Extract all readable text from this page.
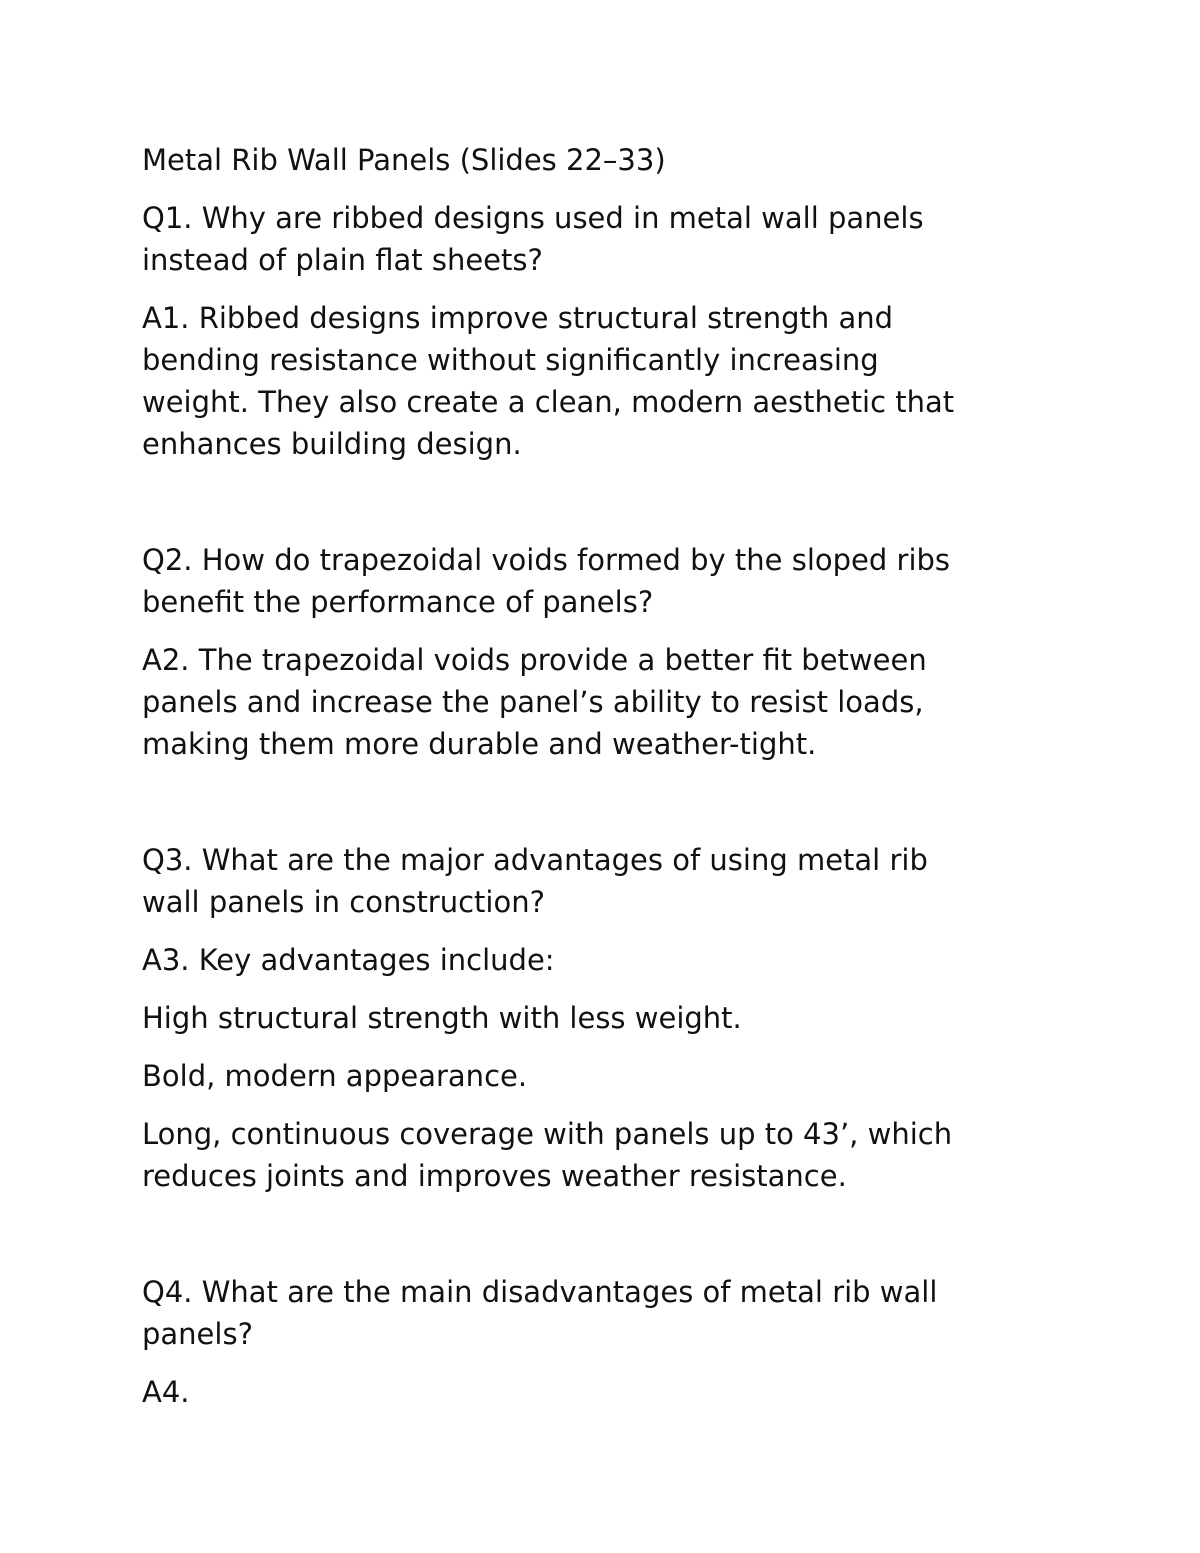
Metal Rib Wall Panels (Slides 22–33)

Q1. Why are ribbed designs used in metal wall panels

instead of plain flat sheets?

A1. Ribbed designs improve structural strength and

bending resistance without significantly increasing

weight. They also create a clean, modern aesthetic that

enhances building design.

Q2. How do trapezoidal voids formed by the sloped ribs

benefit the performance of panels?

A2. The trapezoidal voids provide a better fit between

panels and increase the panel’s ability to resist loads,

making them more durable and weather-tight.

Q3. What are the major advantages of using metal rib

wall panels in construction?

A3. Key advantages include:

High structural strength with less weight.

Bold, modern appearance.

Long, continuous coverage with panels up to 43’, which

reduces joints and improves weather resistance.

Q4. What are the main disadvantages of metal rib wall

panels?

A4.
